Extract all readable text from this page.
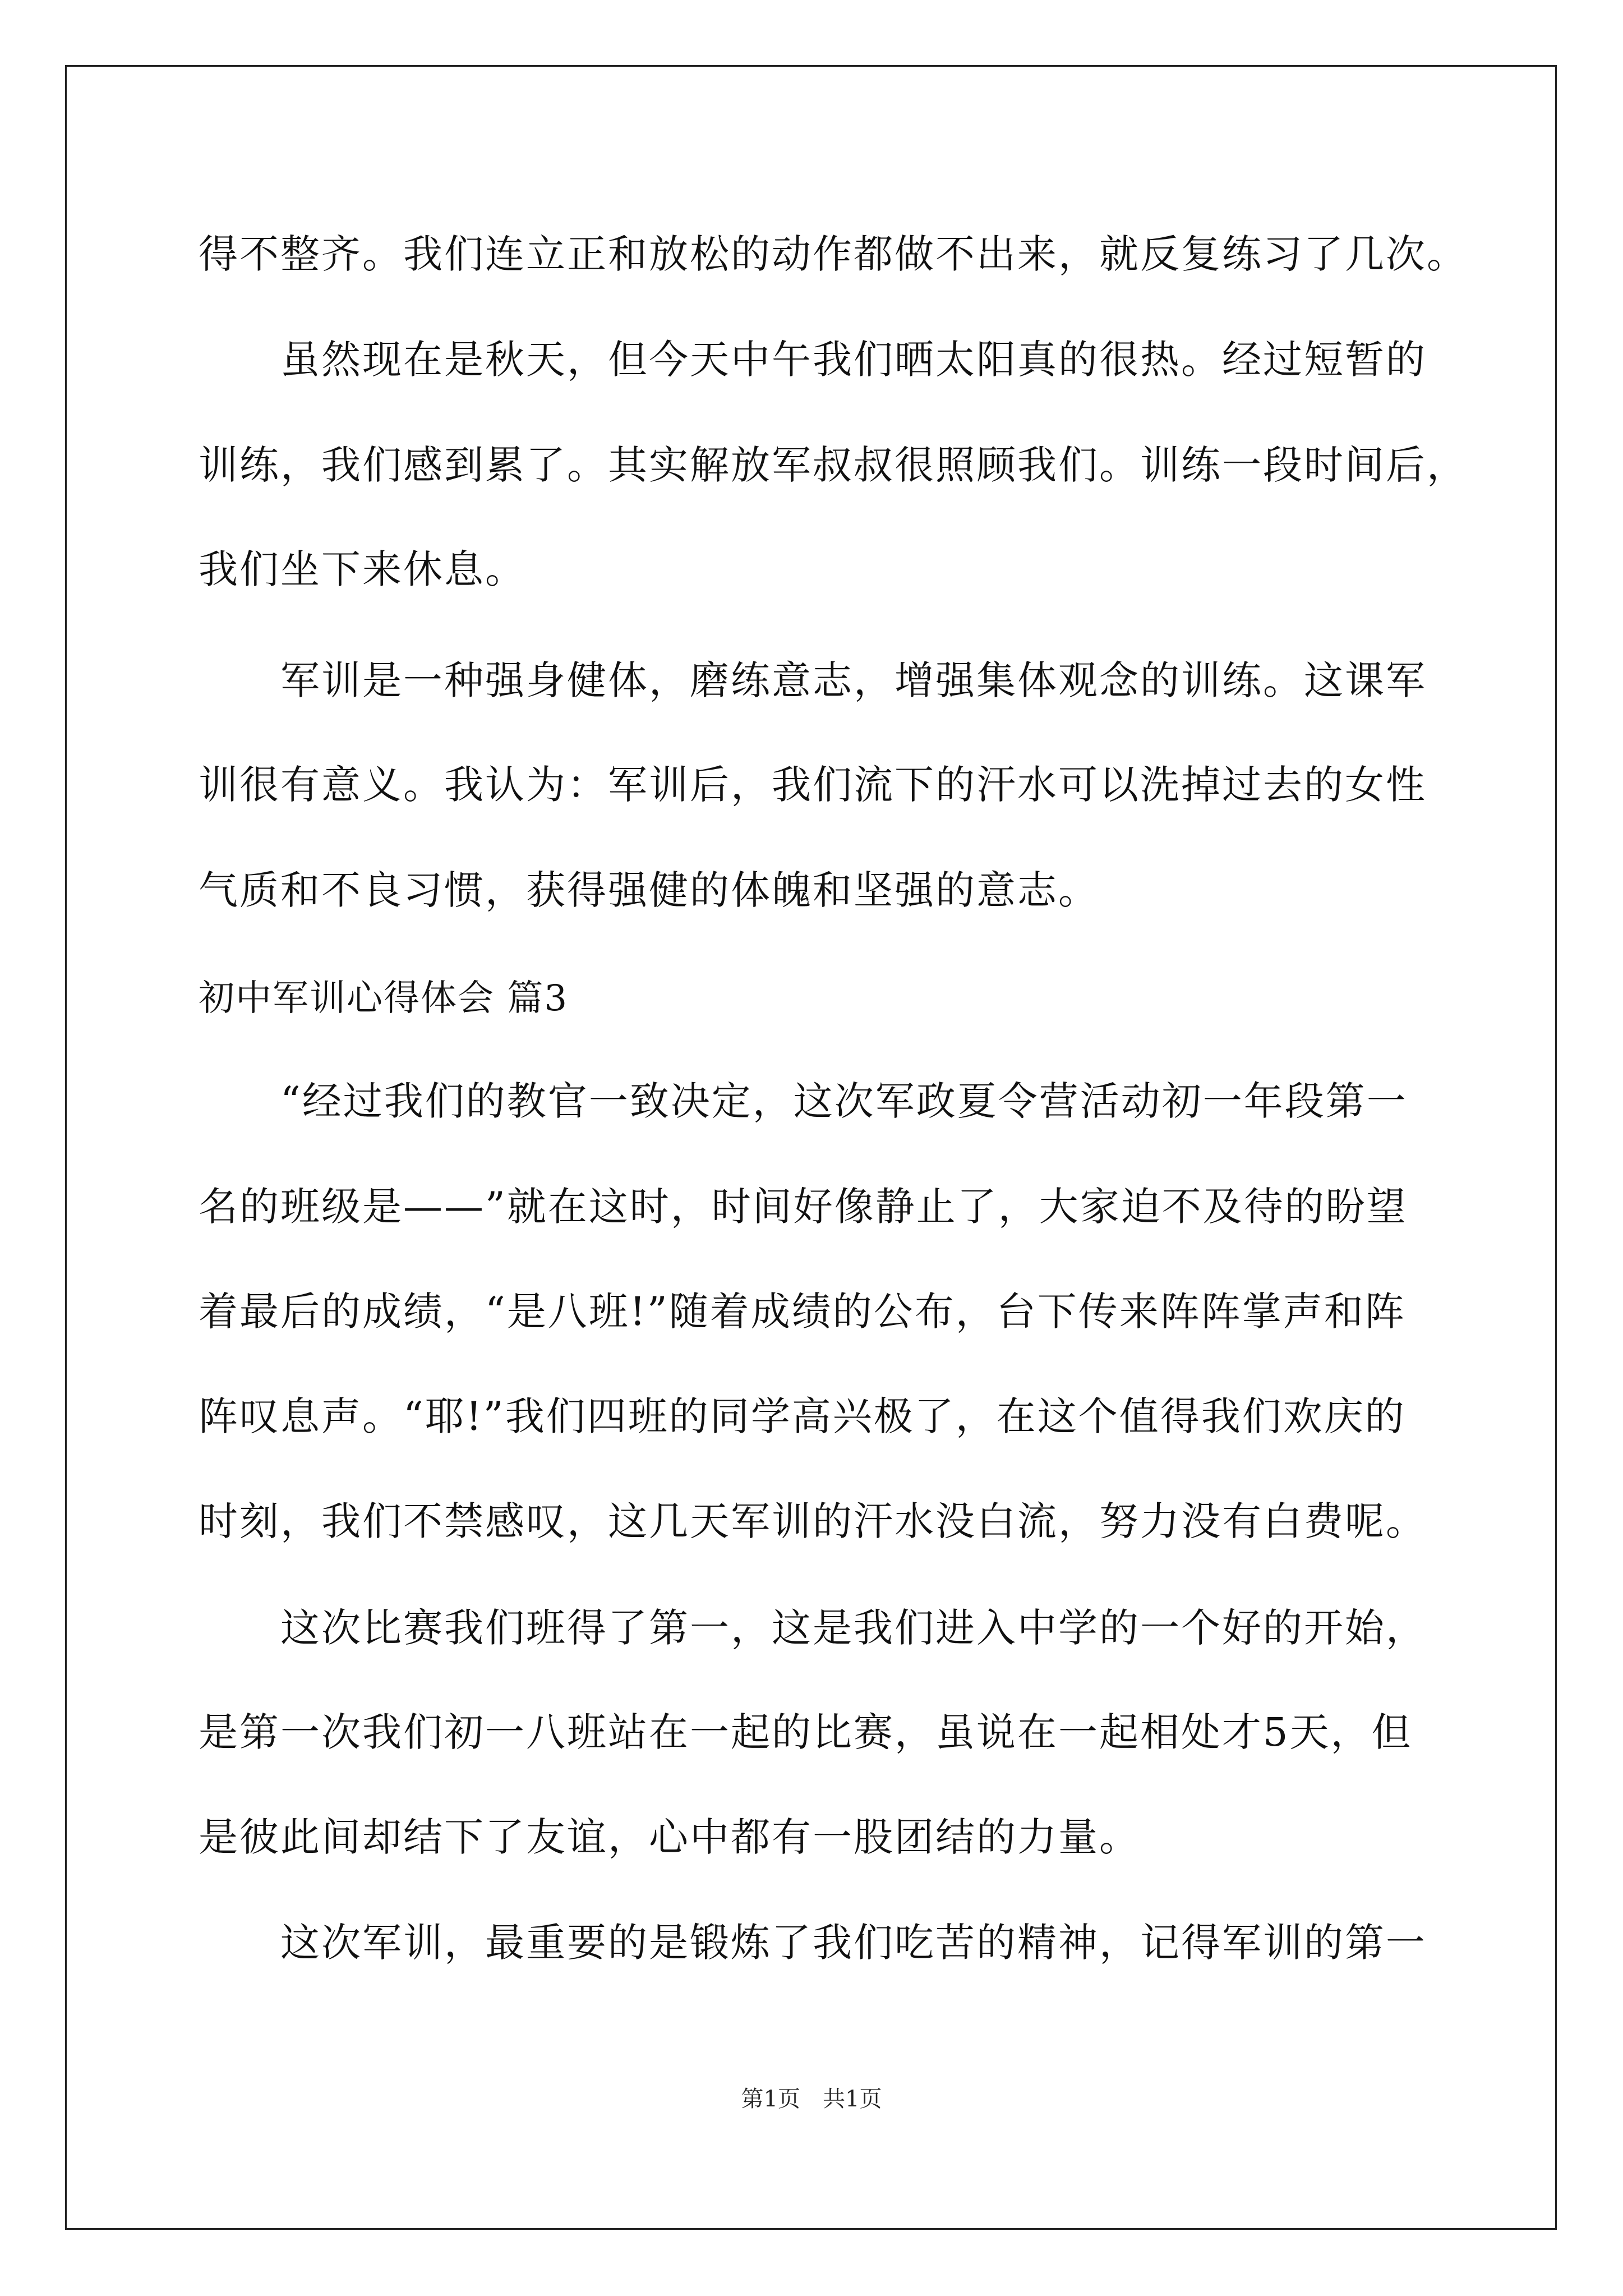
得不整齐。我们连立正和放松的动作都做不出来，就反复练习了几次。
虽然现在是秋天，但今天中午我们晒太阳真的很热。经过短暂的
训练，我们感到累了。其实解放军叔叔很照顾我们。训练一段时间后，
我们坐下来休息。
军训是一种强身健体，磨练意志，增强集体观念的训练。这课军
训很有意义。我认为：军训后，我们流下的汗水可以洗掉过去的女性
气质和不良习惯，获得强健的体魄和坚强的意志。
初中军训心得体会 篇3
“经过我们的教官一致决定，这次军政夏令营活动初一年段第一
名的班级是——”就在这时，时间好像静止了，大家迫不及待的盼望
着最后的成绩，“是八班!”随着成绩的公布，台下传来阵阵掌声和阵
阵叹息声。“耶!”我们四班的同学高兴极了，在这个值得我们欢庆的
时刻，我们不禁感叹，这几天军训的汗水没白流，努力没有白费呢。
这次比赛我们班得了第一，这是我们进入中学的一个好的开始，
是第一次我们初一八班站在一起的比赛，虽说在一起相处才5天，但
是彼此间却结下了友谊，心中都有一股团结的力量。
这次军训，最重要的是锻炼了我们吃苦的精神，记得军训的第一
第1页　共1页
